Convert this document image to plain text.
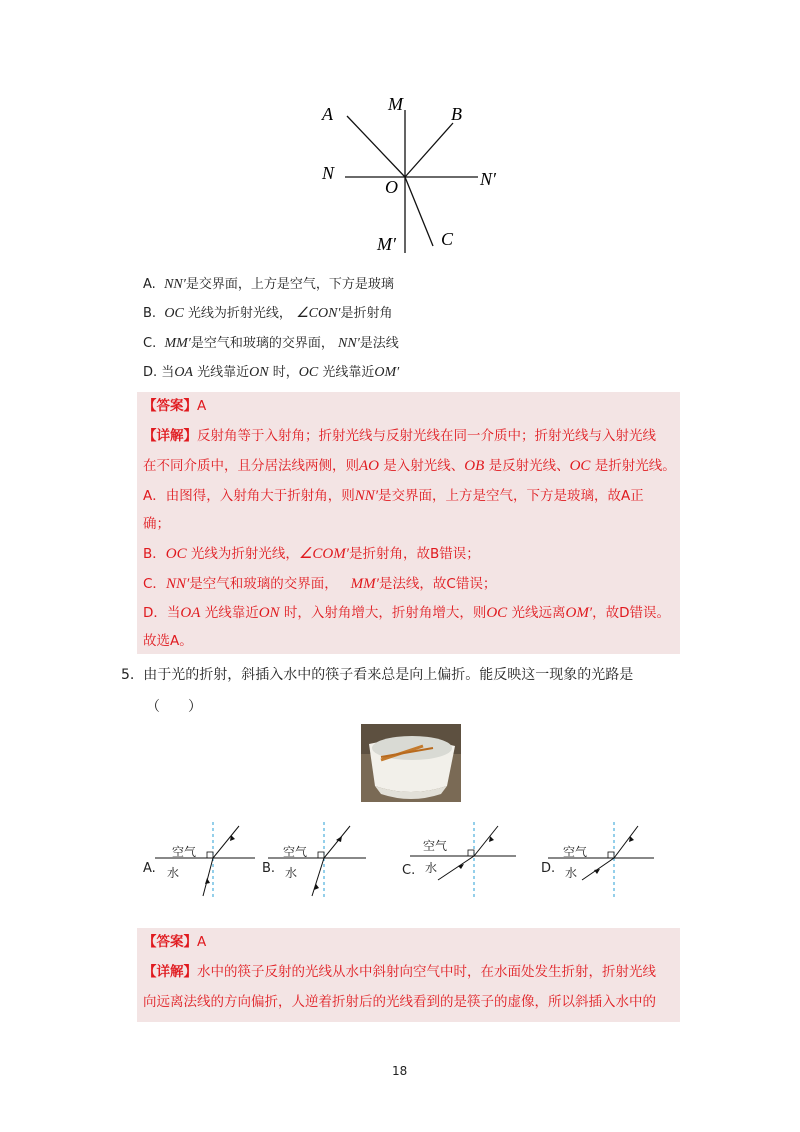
A	M	B
N
O	N′
M′	C
A. NN′是交界面，上方是空气，下方是玻璃
B. OC 光线为折射光线， ∠CON′是折射角
C. MM′是空气和玻璃的交界面， NN′是法线
D. 当OA 光线靠近ON 时，OC 光线靠近OM′
【答案】A
【详解】反射角等于入射角；折射光线与反射光线在同一介质中；折射光线与入射光线
在不同介质中，且分居法线两侧，则AO 是入射光线、OB 是反射光线、OC 是折射光线。
A．由图得，入射角大于折射角，则NN′是交界面，上方是空气，下方是玻璃，故A正
确；
B．OC 光线为折射光线，∠COM′是折射角，故B错误；
C．NN′是空气和玻璃的交界面， MM′是法线，故C错误；
D．当OA 光线靠近ON 时，入射角增大，折射角增大，则OC 光线远离OM′，故D错误。
故选A。
5. 由于光的折射，斜插入水中的筷子看来总是向上偏折。能反映这一现象的光路是
（　　）
A.
空气
水	B.
空气
水	C.
空气
水	D.
空气
水
【答案】A
【详解】水中的筷子反射的光线从水中斜射向空气中时，在水面处发生折射，折射光线
向远离法线的方向偏折，人逆着折射后的光线看到的是筷子的虚像，所以斜插入水中的
18
